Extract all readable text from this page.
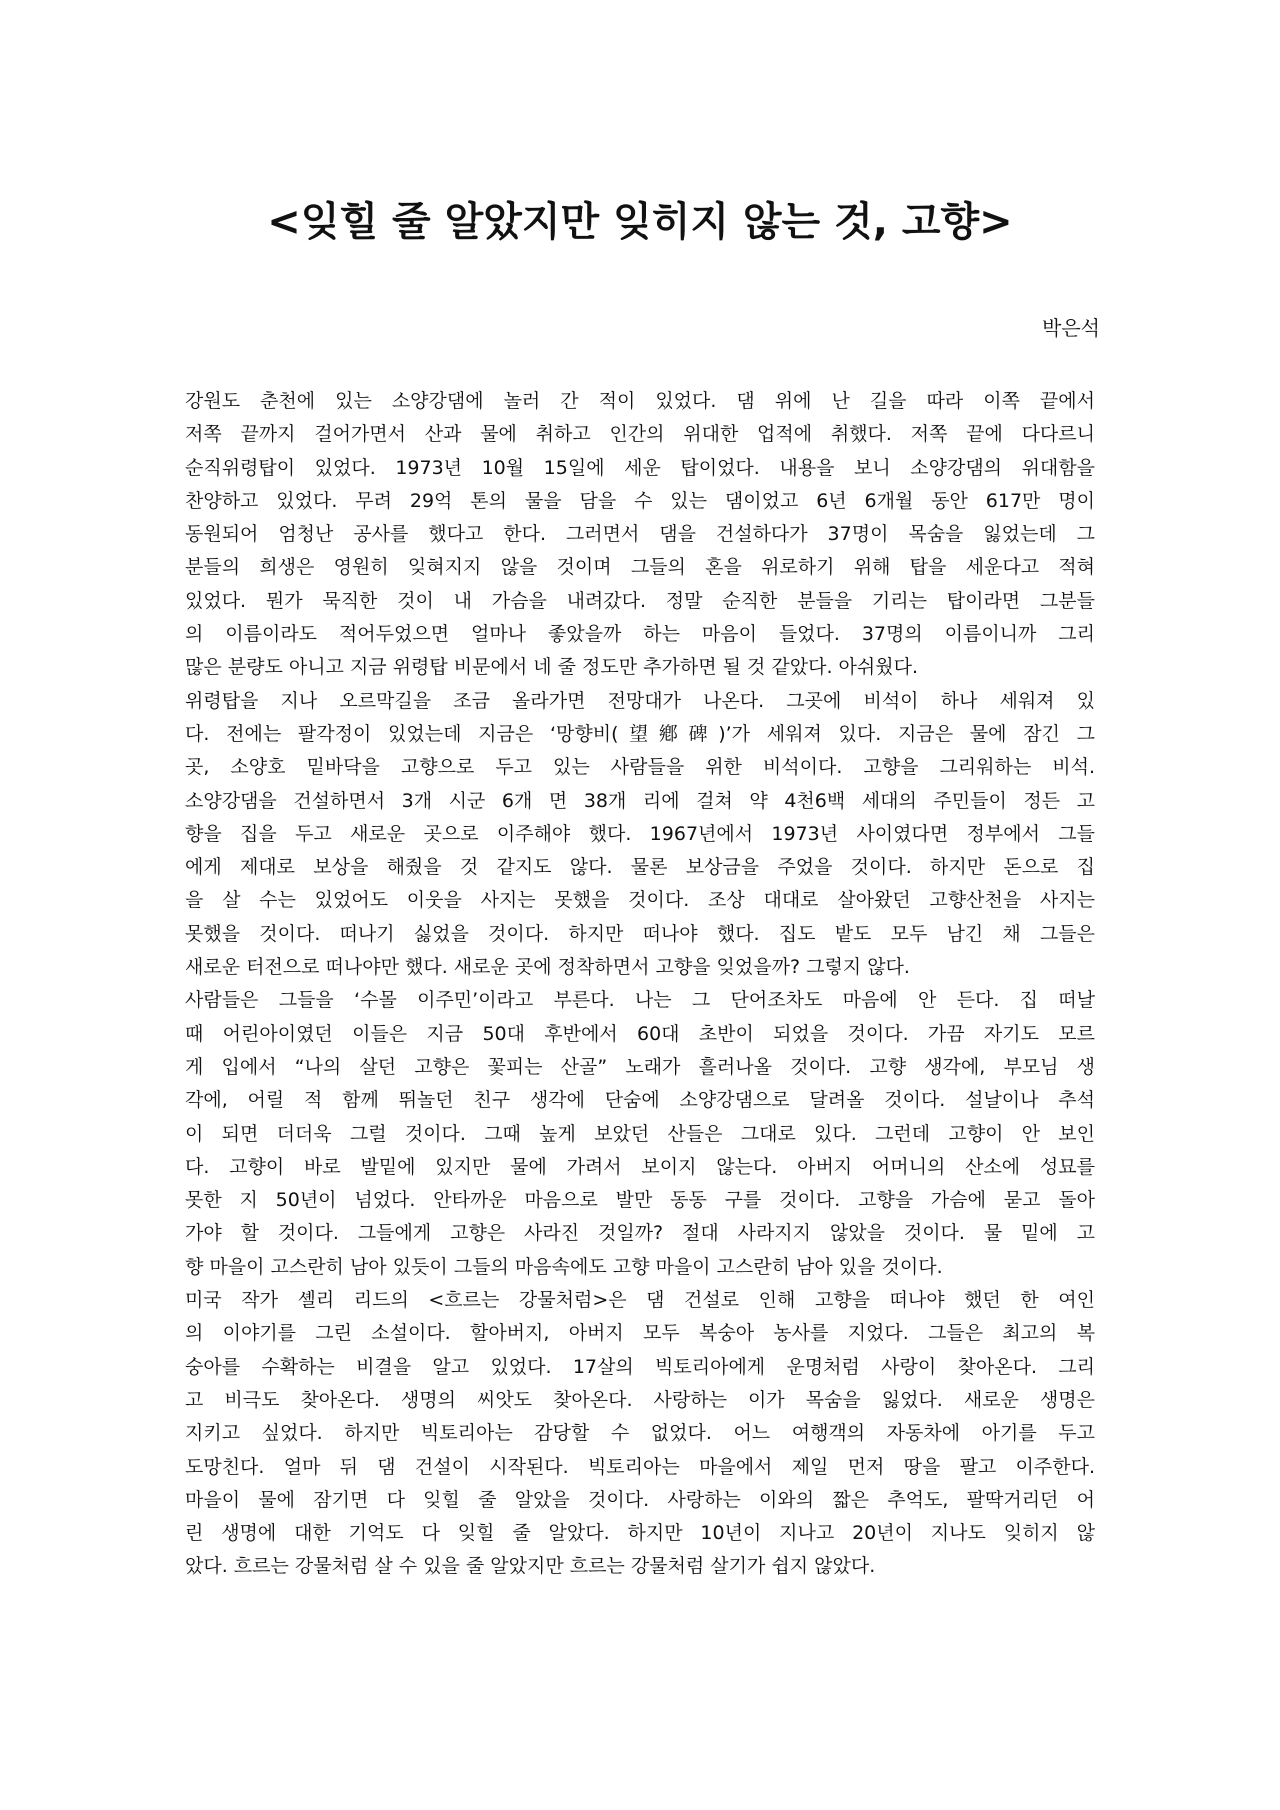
<잊힐 줄 알았지만 잊히지 않는 것, 고향>

박은석

강원도 춘천에 있는 소양강댐에 놀러 간 적이 있었다. 댐 위에 난 길을 따라 이쪽 끝에서
저쪽 끝까지 걸어가면서 산과 물에 취하고 인간의 위대한 업적에 취했다. 저쪽 끝에 다다르니
순직위령탑이 있었다. 1973년 10월 15일에 세운 탑이었다. 내용을 보니 소양강댐의 위대함을
찬양하고 있었다. 무려 29억 톤의 물을 담을 수 있는 댐이었고 6년 6개월 동안 617만 명이
동원되어 엄청난 공사를 했다고 한다. 그러면서 댐을 건설하다가 37명이 목숨을 잃었는데 그
분들의 희생은 영원히 잊혀지지 않을 것이며 그들의 혼을 위로하기 위해 탑을 세운다고 적혀
있었다. 뭔가 묵직한 것이 내 가슴을 내려갔다. 정말 순직한 분들을 기리는 탑이라면 그분들
의 이름이라도 적어두었으면 얼마나 좋았을까 하는 마음이 들었다. 37명의 이름이니까 그리
많은 분량도 아니고 지금 위령탑 비문에서 네 줄 정도만 추가하면 될 것 같았다. 아쉬웠다.
위령탑을 지나 오르막길을 조금 올라가면 전망대가 나온다. 그곳에 비석이 하나 세워져 있
다. 전에는 팔각정이 있었는데 지금은 ‘망향비(望鄕碑)’가 세워져 있다. 지금은 물에 잠긴 그
곳, 소양호 밑바닥을 고향으로 두고 있는 사람들을 위한 비석이다. 고향을 그리워하는 비석.
소양강댐을 건설하면서 3개 시군 6개 면 38개 리에 걸쳐 약 4천6백 세대의 주민들이 정든 고
향을 집을 두고 새로운 곳으로 이주해야 했다. 1967년에서 1973년 사이였다면 정부에서 그들
에게 제대로 보상을 해줬을 것 같지도 않다. 물론 보상금을 주었을 것이다. 하지만 돈으로 집
을 살 수는 있었어도 이웃을 사지는 못했을 것이다. 조상 대대로 살아왔던 고향산천을 사지는
못했을 것이다. 떠나기 싫었을 것이다. 하지만 떠나야 했다. 집도 밭도 모두 남긴 채 그들은
새로운 터전으로 떠나야만 했다. 새로운 곳에 정착하면서 고향을 잊었을까? 그렇지 않다.
사람들은 그들을 ‘수몰 이주민’이라고 부른다. 나는 그 단어조차도 마음에 안 든다. 집 떠날
때 어린아이였던 이들은 지금 50대 후반에서 60대 초반이 되었을 것이다. 가끔 자기도 모르
게 입에서 “나의 살던 고향은 꽃피는 산골” 노래가 흘러나올 것이다. 고향 생각에, 부모님 생
각에, 어릴 적 함께 뛰놀던 친구 생각에 단숨에 소양강댐으로 달려올 것이다. 설날이나 추석
이 되면 더더욱 그럴 것이다. 그때 높게 보았던 산들은 그대로 있다. 그런데 고향이 안 보인
다. 고향이 바로 발밑에 있지만 물에 가려서 보이지 않는다. 아버지 어머니의 산소에 성묘를
못한 지 50년이 넘었다. 안타까운 마음으로 발만 동동 구를 것이다. 고향을 가슴에 묻고 돌아
가야 할 것이다. 그들에게 고향은 사라진 것일까? 절대 사라지지 않았을 것이다. 물 밑에 고
향 마을이 고스란히 남아 있듯이 그들의 마음속에도 고향 마을이 고스란히 남아 있을 것이다.
미국 작가 셸리 리드의 <흐르는 강물처럼>은 댐 건설로 인해 고향을 떠나야 했던 한 여인
의 이야기를 그린 소설이다. 할아버지, 아버지 모두 복숭아 농사를 지었다. 그들은 최고의 복
숭아를 수확하는 비결을 알고 있었다. 17살의 빅토리아에게 운명처럼 사랑이 찾아온다. 그리
고 비극도 찾아온다. 생명의 씨앗도 찾아온다. 사랑하는 이가 목숨을 잃었다. 새로운 생명은
지키고 싶었다. 하지만 빅토리아는 감당할 수 없었다. 어느 여행객의 자동차에 아기를 두고
도망친다. 얼마 뒤 댐 건설이 시작된다. 빅토리아는 마을에서 제일 먼저 땅을 팔고 이주한다.
마을이 물에 잠기면 다 잊힐 줄 알았을 것이다. 사랑하는 이와의 짧은 추억도, 팔딱거리던 어
린 생명에 대한 기억도 다 잊힐 줄 알았다. 하지만 10년이 지나고 20년이 지나도 잊히지 않
았다. 흐르는 강물처럼 살 수 있을 줄 알았지만 흐르는 강물처럼 살기가 쉽지 않았다.
